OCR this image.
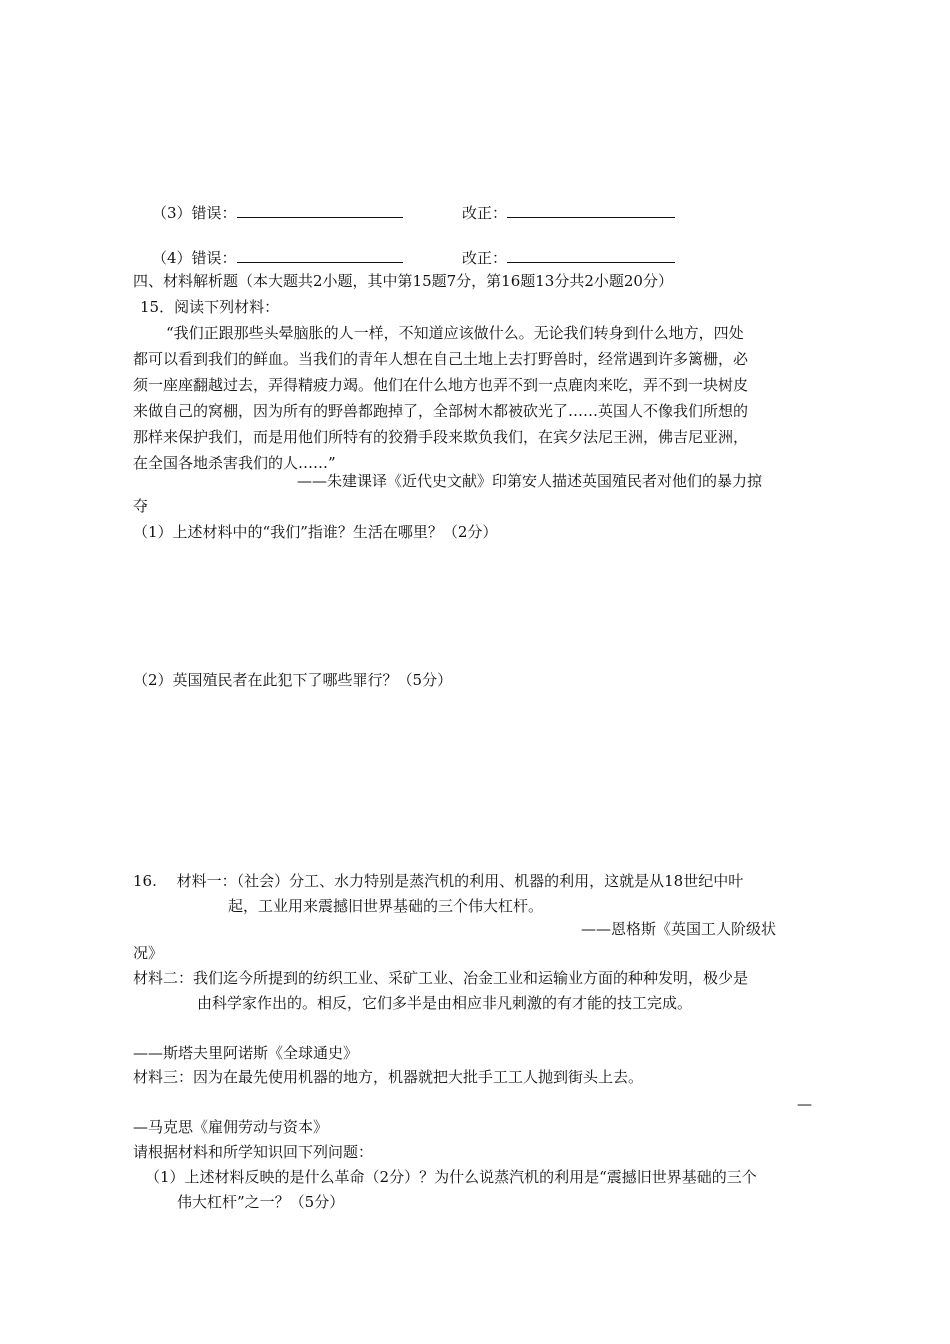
（3）错误：	改正：
（4）错误：	改正：
四、材料解析题（本大题共2小题，其中第15题7分，第16题13分共2小题20分）
15．阅读下列材料：
“我们正跟那些头晕脑胀的人一样，不知道应该做什么。无论我们转身到什么地方，四处
都可以看到我们的鲜血。当我们的青年人想在自己土地上去打野兽时，经常遇到许多篱栅，必
须一座座翻越过去，弄得精疲力竭。他们在什么地方也弄不到一点鹿肉来吃，弄不到一块树皮
来做自己的窝棚，因为所有的野兽都跑掉了，全部树木都被砍光了……英国人不像我们所想的
那样来保护我们，而是用他们所特有的狡猾手段来欺负我们，在宾夕法尼王洲，佛吉尼亚洲，
在全国各地杀害我们的人……”
——朱建课译《近代史文献》印第安人描述英国殖民者对他们的暴力掠
夺
（1）上述材料中的“我们”指谁？生活在哪里？（2分）
（2）英国殖民者在此犯下了哪些罪行？（5分）
16.　 材料一：（社会）分工、水力特别是蒸汽机的利用、机器的利用，这就是从18世纪中叶
起，工业用来震撼旧世界基础的三个伟大杠杆。
——恩格斯《英国工人阶级状
况》
材料二：我们迄今所提到的纺织工业、采矿工业、冶金工业和运输业方面的种种发明，极少是
由科学家作出的。相反，它们多半是由相应非凡刺激的有才能的技工完成。
——斯塔夫里阿诺斯《全球通史》
材料三：因为在最先使用机器的地方，机器就把大批手工工人抛到街头上去。
—
—马克思《雇佣劳动与资本》
请根据材料和所学知识回下列问题：
（1）上述材料反映的是什么革命（2分）？为什么说蒸汽机的利用是“震撼旧世界基础的三个
伟大杠杆”之一？（5分）
